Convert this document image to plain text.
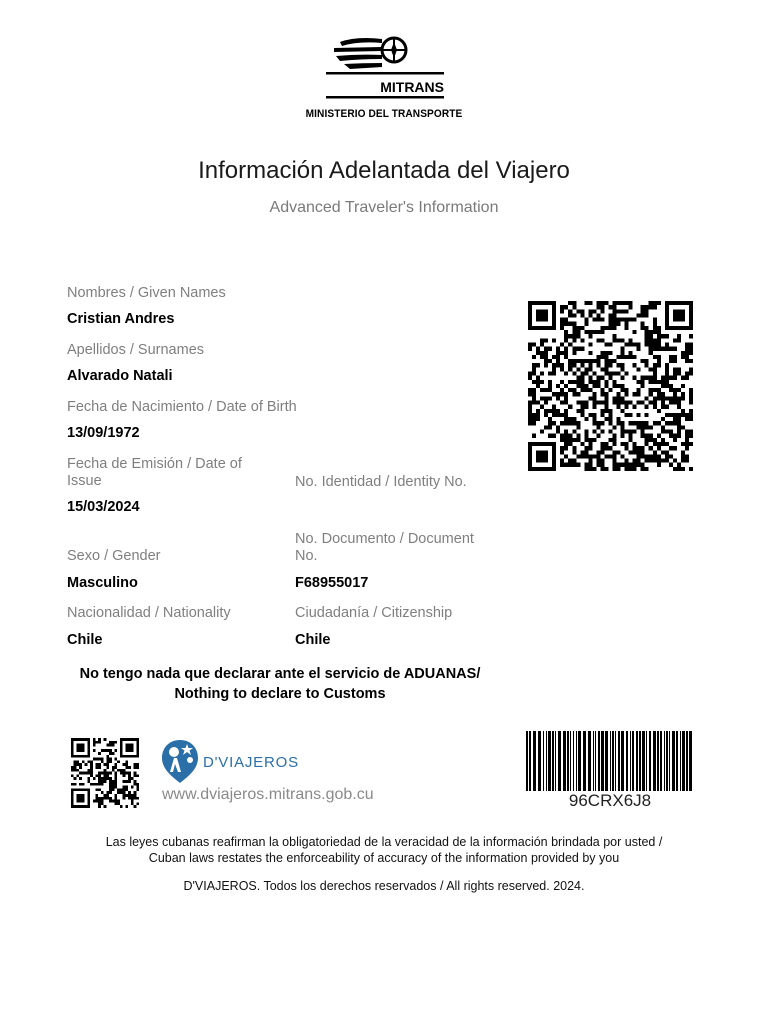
MITRANS
MINISTERIO DEL TRANSPORTE
Información Adelantada del Viajero
Advanced Traveler's Information
Nombres / Given Names
Cristian Andres
Apellidos / Surnames
Alvarado Natali
Fecha de Nacimiento / Date of Birth
13/09/1972
Fecha de Emisión / Date of
Issue
15/03/2024
No. Identidad / Identity No.
Sexo / Gender
Masculino
No. Documento / Document
No.
F68955017
Nacionalidad / Nationality
Chile
Ciudadanía / Citizenship
Chile
No tengo nada que declarar ante el servicio de ADUANAS/
Nothing to declare to Customs
D'VIAJEROS
www.dviajeros.mitrans.gob.cu	96CRX6J8
Las leyes cubanas reafirman la obligatoriedad de la veracidad de la información brindada por usted /
Cuban laws restates the enforceability of accuracy of the information provided by you
D'VIAJEROS. Todos los derechos reservados / All rights reserved. 2024.
